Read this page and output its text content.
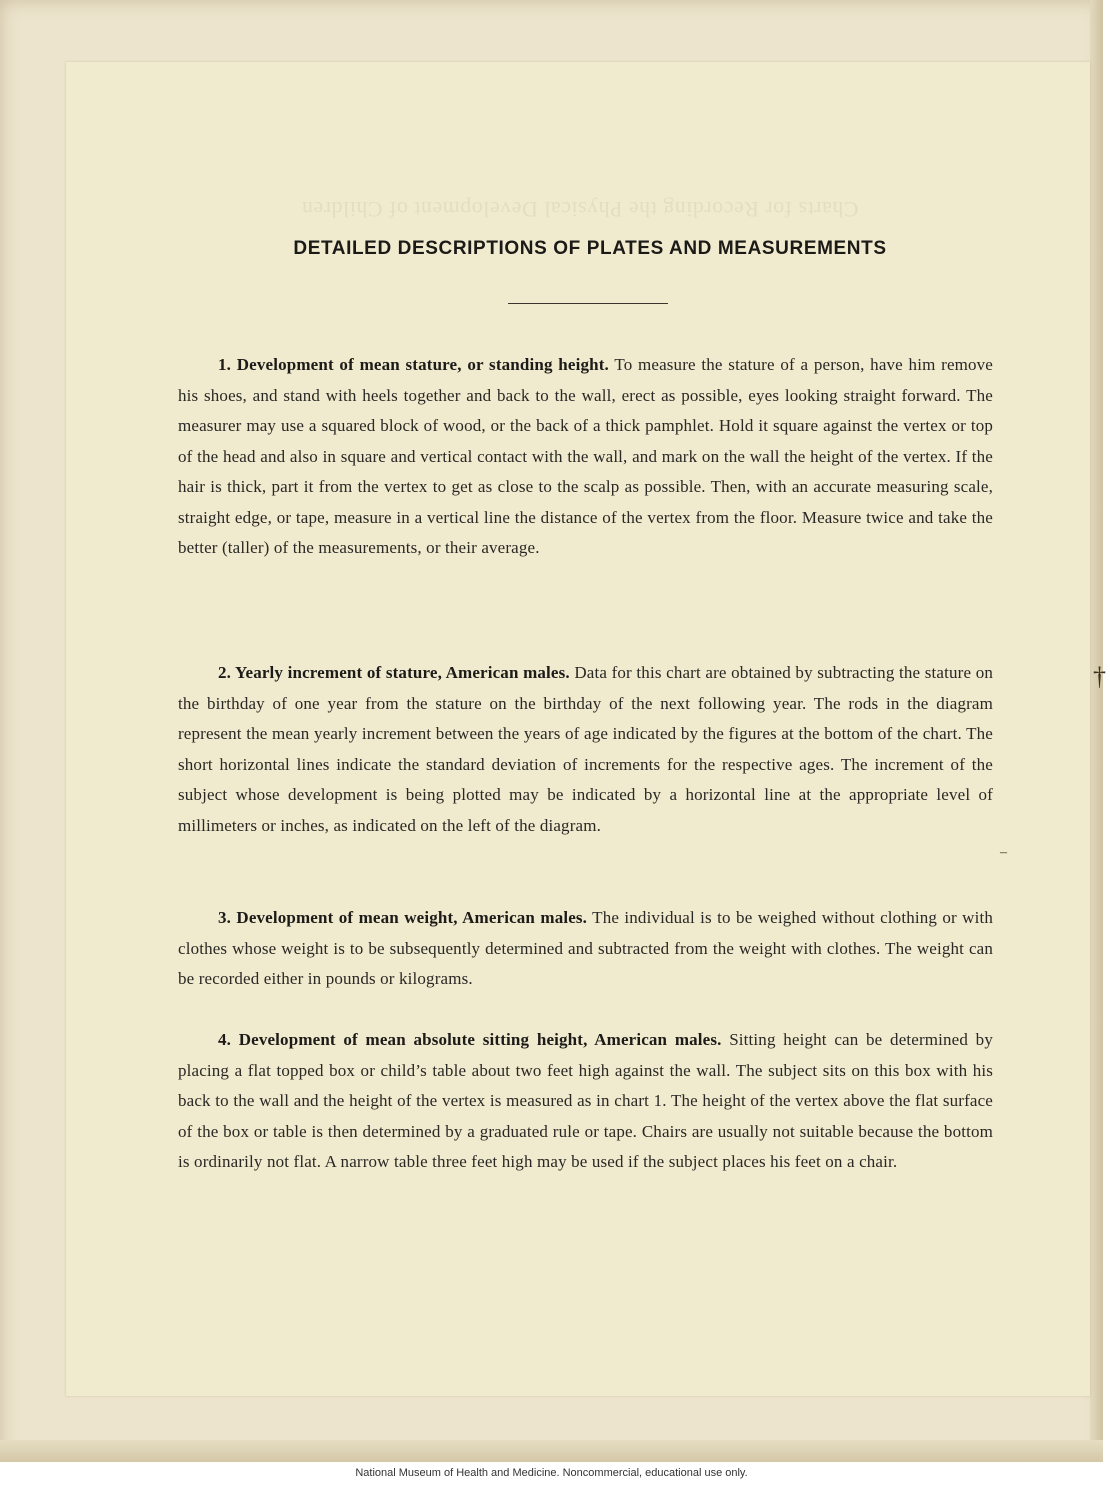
Charts for Recording the Physical Development of Children
DETAILED DESCRIPTIONS OF PLATES AND MEASUREMENTS
1. Development of mean stature, or standing height. To measure the stature of a person, have him remove his shoes, and stand with heels together and back to the wall, erect as possible, eyes looking straight forward. The measurer may use a squared block of wood, or the back of a thick pamphlet. Hold it square against the vertex or top of the head and also in square and vertical contact with the wall, and mark on the wall the height of the vertex. If the hair is thick, part it from the vertex to get as close to the scalp as possible. Then, with an accurate measuring scale, straight edge, or tape, measure in a vertical line the distance of the vertex from the floor. Measure twice and take the better (taller) of the measurements, or their average.
2. Yearly increment of stature, American males. Data for this chart are obtained by subtracting the stature on the birthday of one year from the stature on the birthday of the next following year. The rods in the diagram represent the mean yearly increment between the years of age indicated by the figures at the bottom of the chart. The short horizontal lines indicate the standard deviation of increments for the respective ages. The increment of the subject whose development is being plotted may be indicated by a horizontal line at the appropriate level of millimeters or inches, as indicated on the left of the diagram.
3. Development of mean weight, American males. The individual is to be weighed without clothing or with clothes whose weight is to be subsequently determined and subtracted from the weight with clothes. The weight can be recorded either in pounds or kilograms.
4. Development of mean absolute sitting height, American males. Sitting height can be determined by placing a flat topped box or child’s table about two feet high against the wall. The subject sits on this box with his back to the wall and the height of the vertex is measured as in chart 1. The height of the vertex above the flat surface of the box or table is then determined by a graduated rule or tape. Chairs are usually not suitable because the bottom is ordinarily not flat. A narrow table three feet high may be used if the subject places his feet on a chair.
†
–
National Museum of Health and Medicine. Noncommercial, educational use only.
